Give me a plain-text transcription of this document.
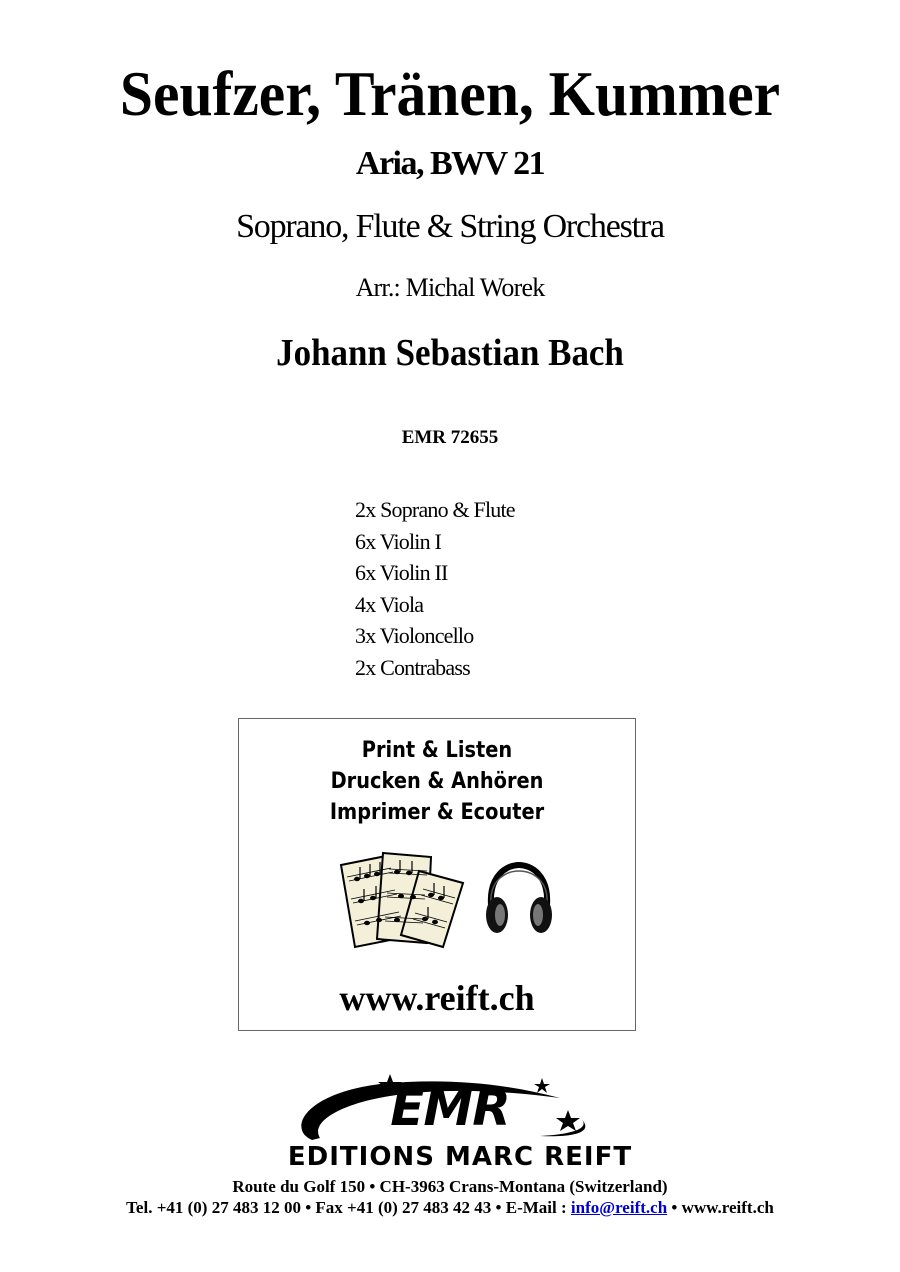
Seufzer, Tränen, Kummer
Aria, BWV 21
Soprano, Flute & String Orchestra
Arr.: Michal Worek
Johann Sebastian Bach
EMR 72655
2x Soprano & Flute
6x Violin I
6x Violin II
4x Viola
3x Violoncello
2x Contrabass
Print & Listen
Drucken & Anhören
Imprimer & Ecouter
www.reift.ch
EMR
EDITIONS MARC REIFT
Route du Golf 150 • CH-3963 Crans-Montana (Switzerland)
Tel. +41 (0) 27 483 12 00 • Fax +41 (0) 27 483 42 43 • E-Mail : info@reift.ch • www.reift.ch
